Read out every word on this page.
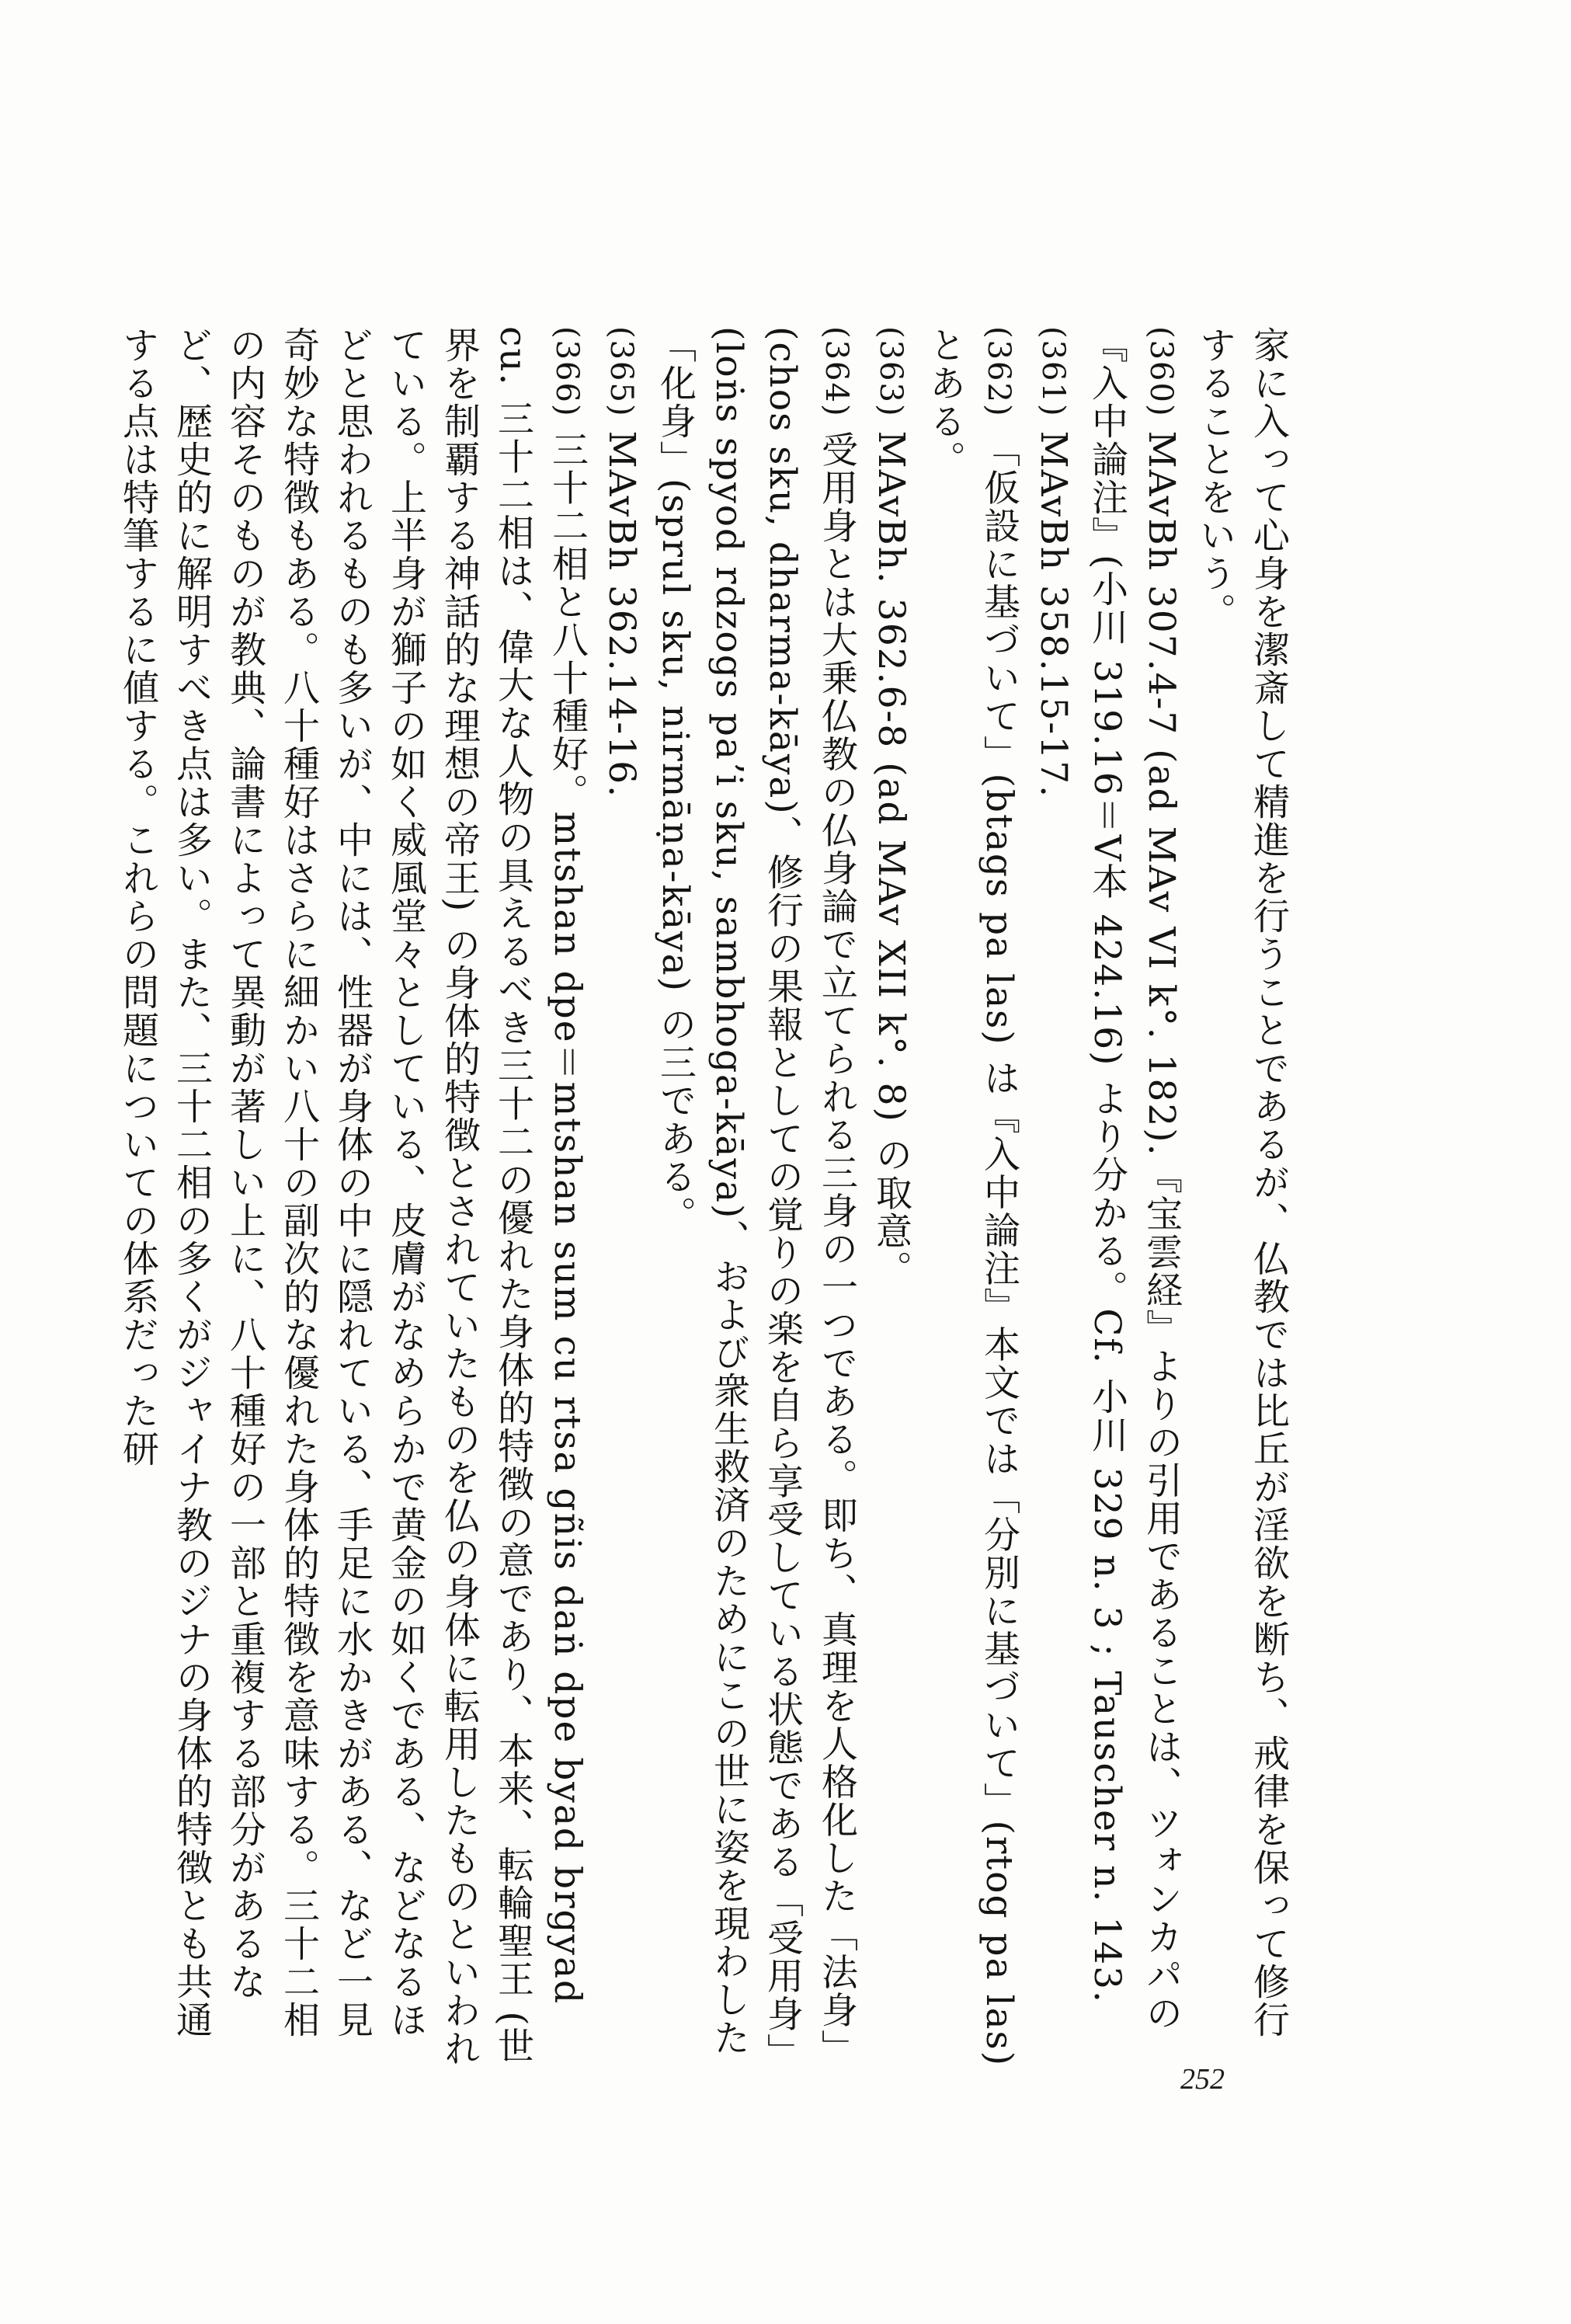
家に入って心身を潔斎して精進を行うことであるが、仏教では比丘が淫欲を断ち、戒律を保って修行することをいう。

(360) MAvBh 307.4-7 (ad MAv VI k°. 182).『宝雲経』よりの引用であることは、ツォンカパの『入中論注』(小川 319.16＝V本 424.16) より分かる。Cf. 小川 329 n. 3 ; Tauscher n. 143.

(361) MAvBh 358.15-17.

(362) 「仮設に基づいて」(btags pa las) は『入中論注』本文では「分別に基づいて」(rtog pa las) とある。

(363) MAvBh. 362.6-8 (ad MAv XII k°. 8) の取意。

(364) 受用身とは大乗仏教の仏身論で立てられる三身の一つである。即ち、真理を人格化した「法身」(chos sku, dharma-kāya)、修行の果報としての覚りの楽を自ら享受している状態である「受用身」(loṅs spyod rdzogs paʼi sku, sambhoga-kāya)、および衆生救済のためにこの世に姿を現わした「化身」(sprul sku, nirmāṇa-kāya) の三である。

(365) MAvBh 362.14-16.

(366) 三十二相と八十種好。mtshan dpe＝mtshan sum cu rtsa gñis daṅ dpe byad brgyad cu. 三十二相は、偉大な人物の具えるべき三十二の優れた身体的特徴の意であり、本来、転輪聖王 (世界を制覇する神話的な理想の帝王) の身体的特徴とされていたものを仏の身体に転用したものといわれている。上半身が獅子の如く威風堂々としている、皮膚がなめらかで黄金の如くである、などなるほどと思われるものも多いが、中には、性器が身体の中に隠れている、手足に水かきがある、など一見奇妙な特徴もある。八十種好はさらに細かい八十の副次的な優れた身体的特徴を意味する。三十二相の内容そのものが教典、論書によって異動が著しい上に、八十種好の一部と重複する部分があるなど、歴史的に解明すべき点は多い。また、三十二相の多くがジャイナ教のジナの身体的特徴とも共通する点は特筆するに値する。これらの問題についての体系だった研

252
